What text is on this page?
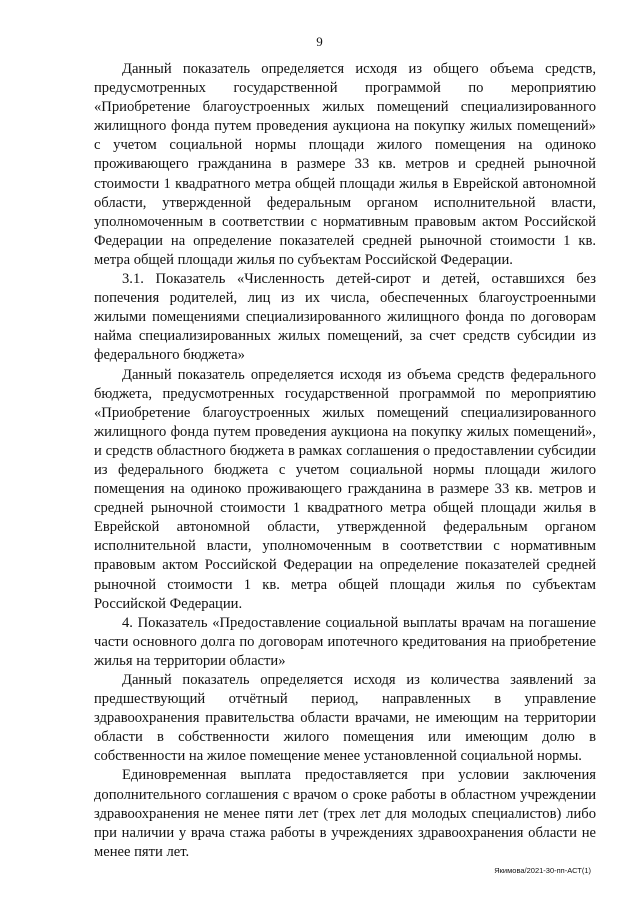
9

Данный показатель определяется исходя из общего объема средств, предусмотренных государственной программой по мероприятию «Приобретение благоустроенных жилых помещений специализированного жилищного фонда путем проведения аукциона на покупку жилых помещений» с учетом социальной нормы площади жилого помещения на одиноко проживающего гражданина в размере 33 кв. метров и средней рыночной стоимости 1 квадратного метра общей площади жилья в Еврейской автономной области, утвержденной федеральным органом исполнительной власти, уполномоченным в соответствии с нормативным правовым актом Российской Федерации на определение показателей средней рыночной стоимости 1 кв. метра общей площади жилья по субъектам Российской Федерации.

3.1. Показатель «Численность детей-сирот и детей, оставшихся без попечения родителей, лиц из их числа, обеспеченных благоустроенными жилыми помещениями специализированного жилищного фонда по договорам найма специализированных жилых помещений, за счет средств субсидии из федерального бюджета»

Данный показатель определяется исходя из объема средств федерального бюджета, предусмотренных государственной программой по мероприятию «Приобретение благоустроенных жилых помещений специализированного жилищного фонда путем проведения аукциона на покупку жилых помещений», и средств областного бюджета в рамках соглашения о предоставлении субсидии из федерального бюджета с учетом социальной нормы площади жилого помещения на одиноко проживающего гражданина в размере 33 кв. метров и средней рыночной стоимости 1 квадратного метра общей площади жилья в Еврейской автономной области, утвержденной федеральным органом исполнительной власти, уполномоченным в соответствии с нормативным правовым актом Российской Федерации на определение показателей средней рыночной стоимости 1 кв. метра общей площади жилья по субъектам Российской Федерации.

4. Показатель «Предоставление социальной выплаты врачам на погашение части основного долга по договорам ипотечного кредитования на приобретение жилья на территории области»

Данный показатель определяется исходя из количества заявлений за предшествующий отчётный период, направленных в управление здравоохранения правительства области врачами, не имеющим на территории области в собственности жилого помещения или имеющим долю в собственности на жилое помещение менее установленной социальной нормы.

Единовременная выплата предоставляется при условии заключения дополнительного соглашения с врачом о сроке работы в областном учреждении здравоохранения не менее пяти лет (трех лет для молодых специалистов) либо при наличии у врача стажа работы в учреждениях здравоохранения области не менее пяти лет.

Якимова/2021-30-пп-АСТ(1)
